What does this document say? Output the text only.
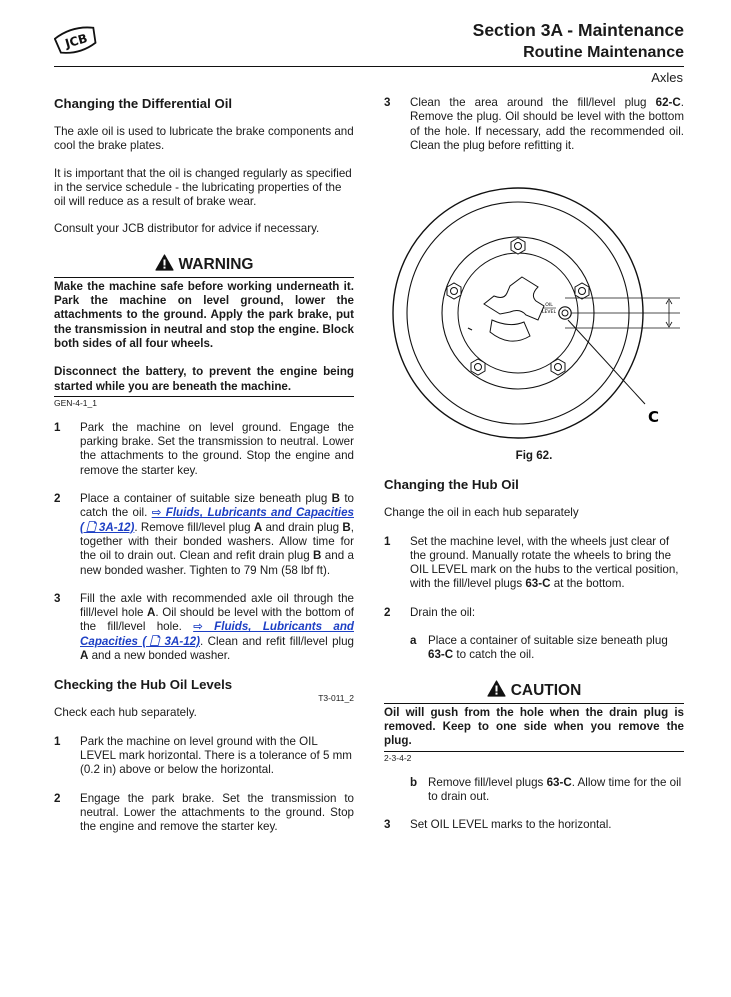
JCB
Section 3A - Maintenance
Routine Maintenance
Axles
Changing the Differential Oil

The axle oil is used to lubricate the brake components and cool the brake plates.

It is important that the oil is changed regularly as specified in the service schedule - the lubricating properties of the oil will reduce as a result of brake wear.

Consult your JCB distributor for advice if necessary.

WARNING

Make the machine safe before working underneath it. Park the machine on level ground, lower the attachments to the ground. Apply the park brake, put the transmission in neutral and stop the engine. Block both sides of all four wheels.

Disconnect the battery, to prevent the engine being started while you are beneath the machine.

GEN-4-1_1

1 Park the machine on level ground. Engage the parking brake. Set the transmission to neutral. Lower the attachments to the ground. Stop the engine and remove the starter key.
2 Place a container of suitable size beneath plug B to catch the oil. ⇨ Fluids, Lubricants and Capacities ( 🗋 3A-12). Remove fill/level plug A and drain plug B, together with their bonded washers. Allow time for the oil to drain out. Clean and refit drain plug B and a new bonded washer. Tighten to 79 Nm (58 lbf ft).
3 Fill the axle with recommended axle oil through the fill/level hole A. Oil should be level with the bottom of the fill/level hole. ⇨ Fluids, Lubricants and Capacities ( 🗋 3A-12). Clean and refit fill/level plug A and a new bonded washer.
Checking the Hub Oil Levels
T3-011_2

Check each hub separately.

1 Park the machine on level ground with the OIL LEVEL mark horizontal. There is a tolerance of 5 mm (0.2 in) above or below the horizontal.
2 Engage the park brake. Set the transmission to neutral. Lower the attachments to the ground. Stop the engine and remove the starter key.
3 Clean the area around the fill/level plug 62-C. Remove the plug. Oil should be level with the bottom of the hole. If necessary, add the recommended oil. Clean the plug before refitting it.
OIL
LEVEL
C

Fig 62.

Changing the Hub Oil

Change the oil in each hub separately

1 Set the machine level, with the wheels just clear of the ground. Manually rotate the wheels to bring the OIL LEVEL mark on the hubs to the vertical position, with the fill/level plugs 63-C at the bottom.
2 Drain the oil:
a Place a container of suitable size beneath plug 63-C to catch the oil.
CAUTION

Oil will gush from the hole when the drain plug is removed. Keep to one side when you remove the plug.

2-3-4-2

b Remove fill/level plugs 63-C. Allow time for the oil to drain out.
3 Set OIL LEVEL marks to the horizontal.
